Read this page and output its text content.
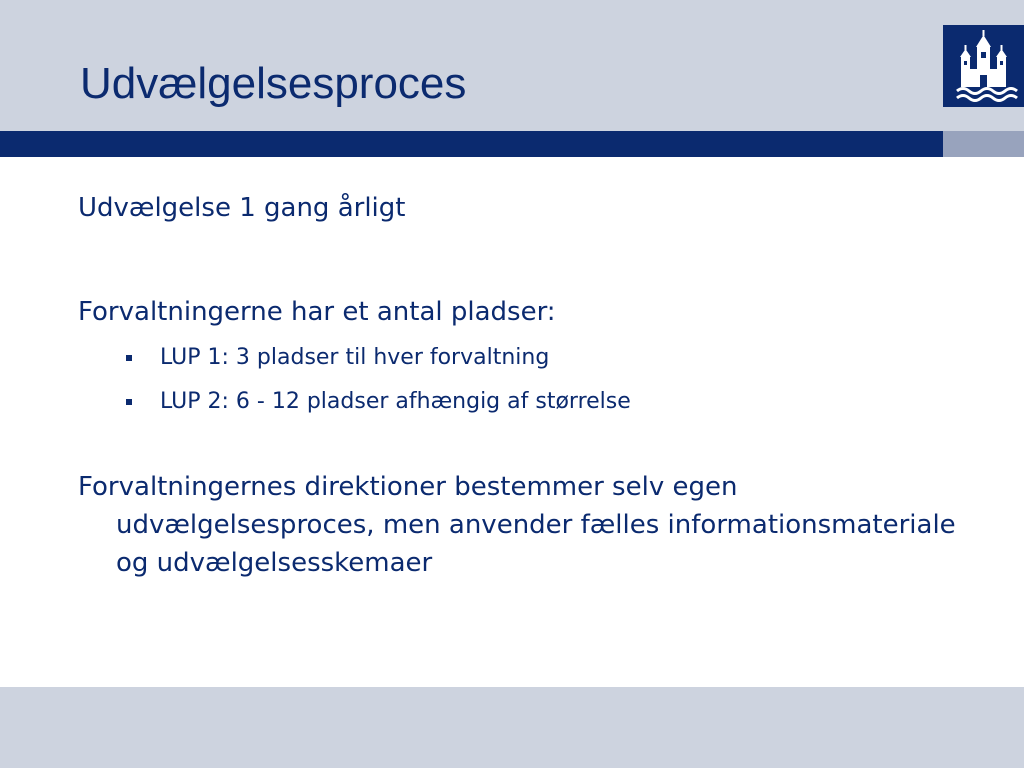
Udvælgelsesproces

Udvælgelse 1 gang årligt

Forvaltningerne har et antal pladser:

LUP 1: 3 pladser til hver forvaltning
LUP 2: 6 - 12 pladser afhængig af størrelse

Forvaltningernes direktioner bestemmer selv egen udvælgelsesproces, men anvender fælles informationsmateriale og udvælgelsesskemaer
